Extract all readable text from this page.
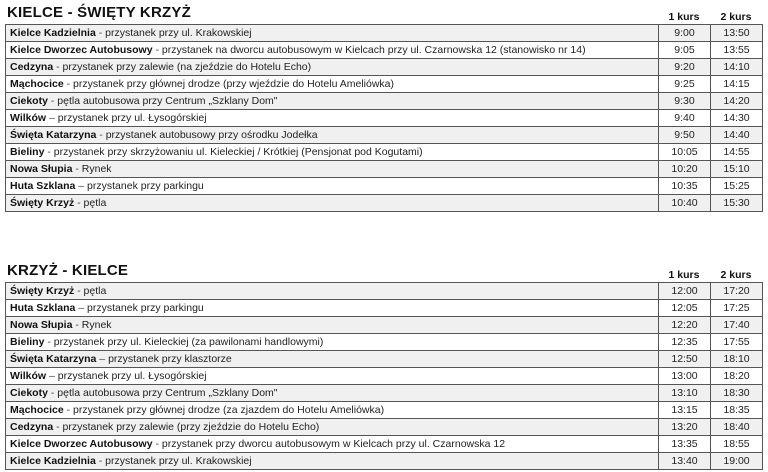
KIELCE - ŚWIĘTY KRZYŻ	1 kurs	2 kurs
Kielce Kadzielnia - przystanek przy ul. Krakowskiej	9:00	13:50
Kielce Dworzec Autobusowy - przystanek na dworcu autobusowym w Kielcach przy ul. Czarnowska 12 (stanowisko nr 14)	9:05	13:55
Cedzyna - przystanek przy zalewie (na zjeździe do Hotelu Echo)	9:20	14:10
Mąchocice - przystanek przy głównej drodze (przy wjeździe do Hotelu Ameliówka)	9:25	14:15
Ciekoty - pętla autobusowa przy Centrum „Szklany Dom"	9:30	14:20
Wilków – przystanek przy ul. Łysogórskiej	9:40	14:30
Święta Katarzyna - przystanek autobusowy przy ośrodku Jodełka	9:50	14:40
Bieliny - przystanek przy skrzyżowaniu ul. Kieleckiej / Krótkiej (Pensjonat pod Kogutami)	10:05	14:55
Nowa Słupia - Rynek	10:20	15:10
Huta Szklana – przystanek przy parkingu	10:35	15:25
Święty Krzyż - pętla	10:40	15:30
KRZYŻ - KIELCE	1 kurs	2 kurs
Święty Krzyż - pętla	12:00	17:20
Huta Szklana – przystanek przy parkingu	12:05	17:25
Nowa Słupia - Rynek	12:20	17:40
Bieliny - przystanek przy ul. Kieleckiej (za pawilonami handlowymi)	12:35	17:55
Święta Katarzyna – przystanek przy klasztorze	12:50	18:10
Wilków – przystanek przy ul. Łysogórskiej	13:00	18:20
Ciekoty - pętla autobusowa przy Centrum „Szklany Dom"	13:10	18:30
Mąchocice - przystanek przy głównej drodze (za zjazdem do Hotelu Ameliówka)	13:15	18:35
Cedzyna - przystanek przy zalewie (przy zjeździe do Hotelu Echo)	13:20	18:40
Kielce Dworzec Autobusowy - przystanek przy dworcu autobusowym w Kielcach przy ul. Czarnowska 12	13:35	18:55
Kielce Kadzielnia - przystanek przy ul. Krakowskiej	13:40	19:00
